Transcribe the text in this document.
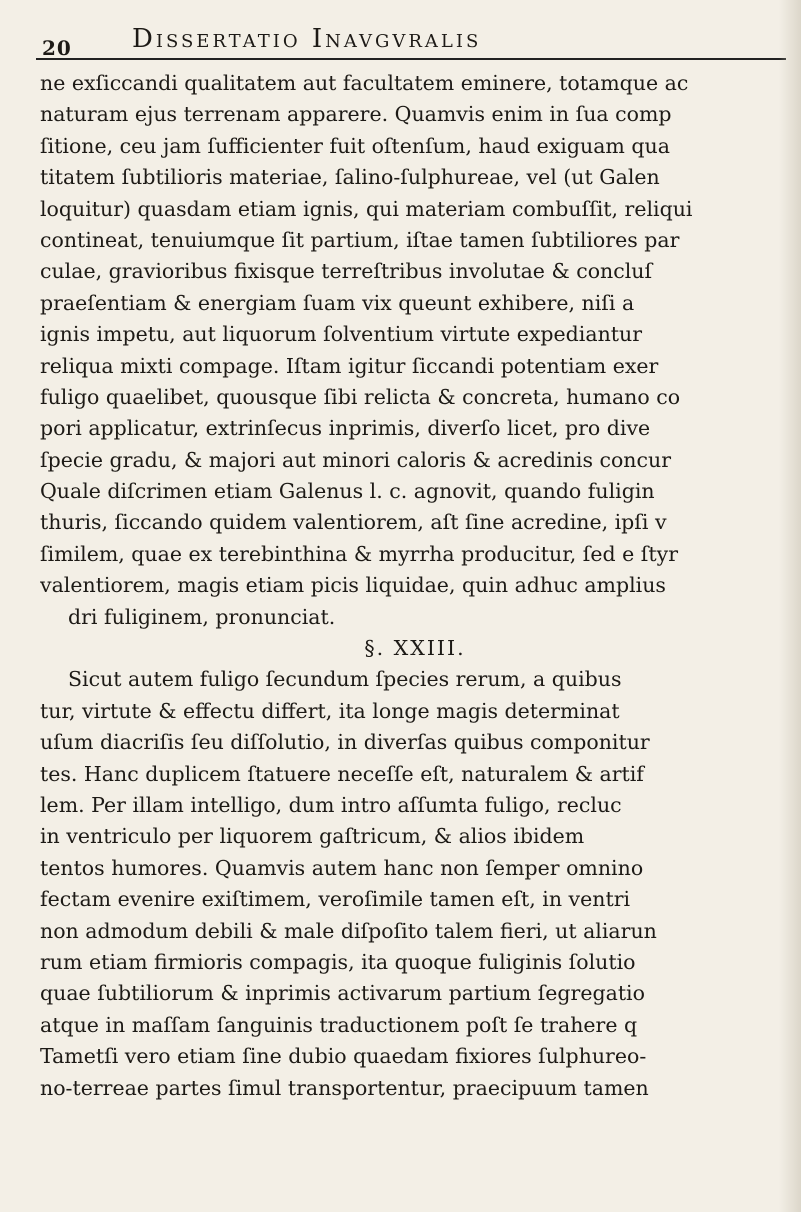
20 Dissertatio Inavgvralis
ne exſiccandi qualitatem aut facultatem eminere, totamque ac
naturam ejus terrenam apparere. Quamvis enim in ſua comp
ſitione, ceu jam ſufficienter fuit oſtenſum, haud exiguam qua
titatem ſubtilioris materiae, ſalino-ſulphureae, vel (ut Galen
loquitur) quasdam etiam ignis, qui materiam combuſſit, reliqui
contineat, tenuiumque ſit partium, iſtae tamen ſubtiliores par
culae, gravioribus fixisque terreſtribus involutae & concluſ
praeſentiam & energiam ſuam vix queunt exhibere, niſi a
ignis impetu, aut liquorum ſolventium virtute expediantur
reliqua mixti compage. Iſtam igitur ſiccandi potentiam exer
fuligo quaelibet, quousque ſibi relicta & concreta, humano co
pori applicatur, extrinſecus inprimis, diverſo licet, pro dive
ſpecie gradu, & majori aut minori caloris & acredinis concur
Quale diſcrimen etiam Galenus l. c. agnovit, quando fuligin
thuris, ſiccando quidem valentiorem, aſt ſine acredine, ipſi v
ſimilem, quae ex terebinthina & myrrha producitur, ſed e ſtyr
valentiorem, magis etiam picis liquidae, quin adhuc amplius
dri fuliginem, pronunciat.
§. XXIII.
Sicut autem fuligo ſecundum ſpecies rerum, a quibus
tur, virtute & effectu differt, ita longe magis determinat
uſum diacriſis ſeu diſſolutio, in diverſas quibus componitur
tes. Hanc duplicem ſtatuere neceſſe eſt, naturalem & artif
lem. Per illam intelligo, dum intro aſſumta fuligo, recluc
in ventriculo per liquorem gaſtricum, & alios ibidem
tentos humores. Quamvis autem hanc non ſemper omnino
fectam evenire exiſtimem, veroſimile tamen eſt, in ventri
non admodum debili & male diſpoſito talem fieri, ut aliarun
rum etiam firmioris compagis, ita quoque fuliginis ſolutio
quae ſubtiliorum & inprimis activarum partium ſegregatio
atque in maſſam ſanguinis traductionem poſt ſe trahere q
Tametſi vero etiam ſine dubio quaedam fixiores ſulphureo-
no-terreae partes ſimul transportentur, praecipuum tamen
